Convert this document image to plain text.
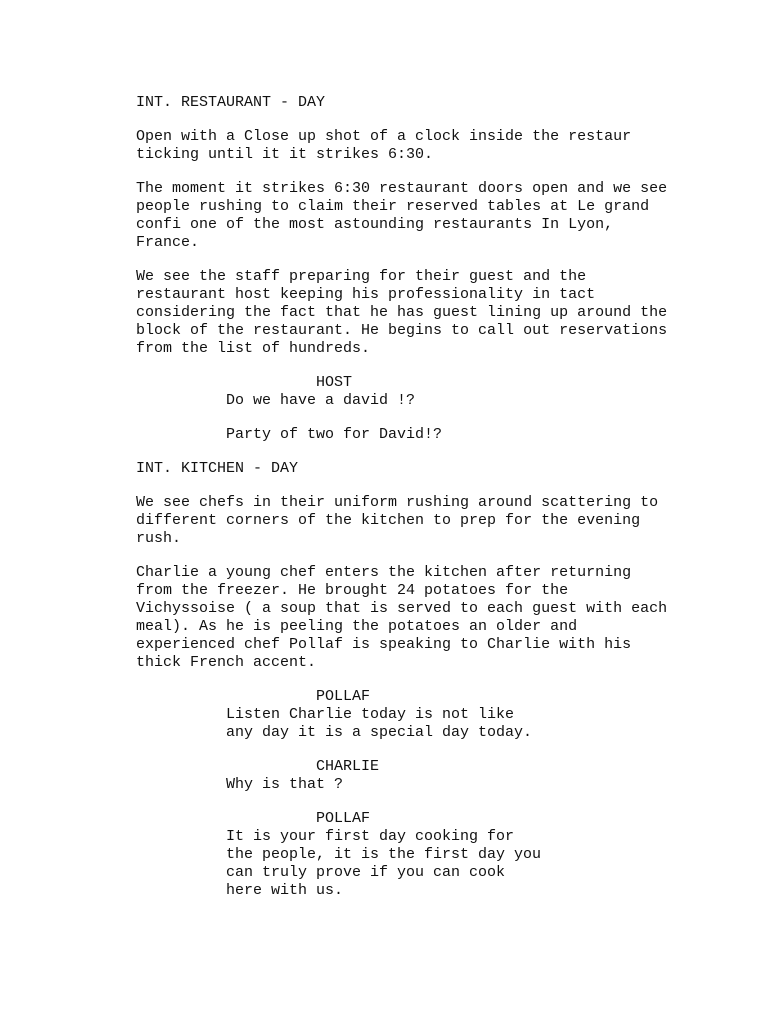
INT. RESTAURANT - DAY
Open with a Close up shot of a clock inside the restaur
ticking until it it strikes 6:30.
The moment it strikes 6:30 restaurant doors open and we see
people rushing to claim their reserved tables at Le grand
confi one of the most astounding restaurants In Lyon,
France.
We see the staff preparing for their guest and the
restaurant host keeping his professionality in tact
considering the fact that he has guest lining up around the
block of the restaurant. He begins to call out reservations
from the list of hundreds.
HOST
Do we have a david !?
Party of two for David!?
INT. KITCHEN - DAY
We see chefs in their uniform rushing around scattering to
different corners of the kitchen to prep for the evening
rush.
Charlie a young chef enters the kitchen after returning
from the freezer. He brought 24 potatoes for the
Vichyssoise ( a soup that is served to each guest with each
meal). As he is peeling the potatoes an older and
experienced chef Pollaf is speaking to Charlie with his
thick French accent.
POLLAF
Listen Charlie today is not like
any day it is a special day today.
CHARLIE
Why is that ?
POLLAF
It is your first day cooking for
the people, it is the first day you
can truly prove if you can cook
here with us.
